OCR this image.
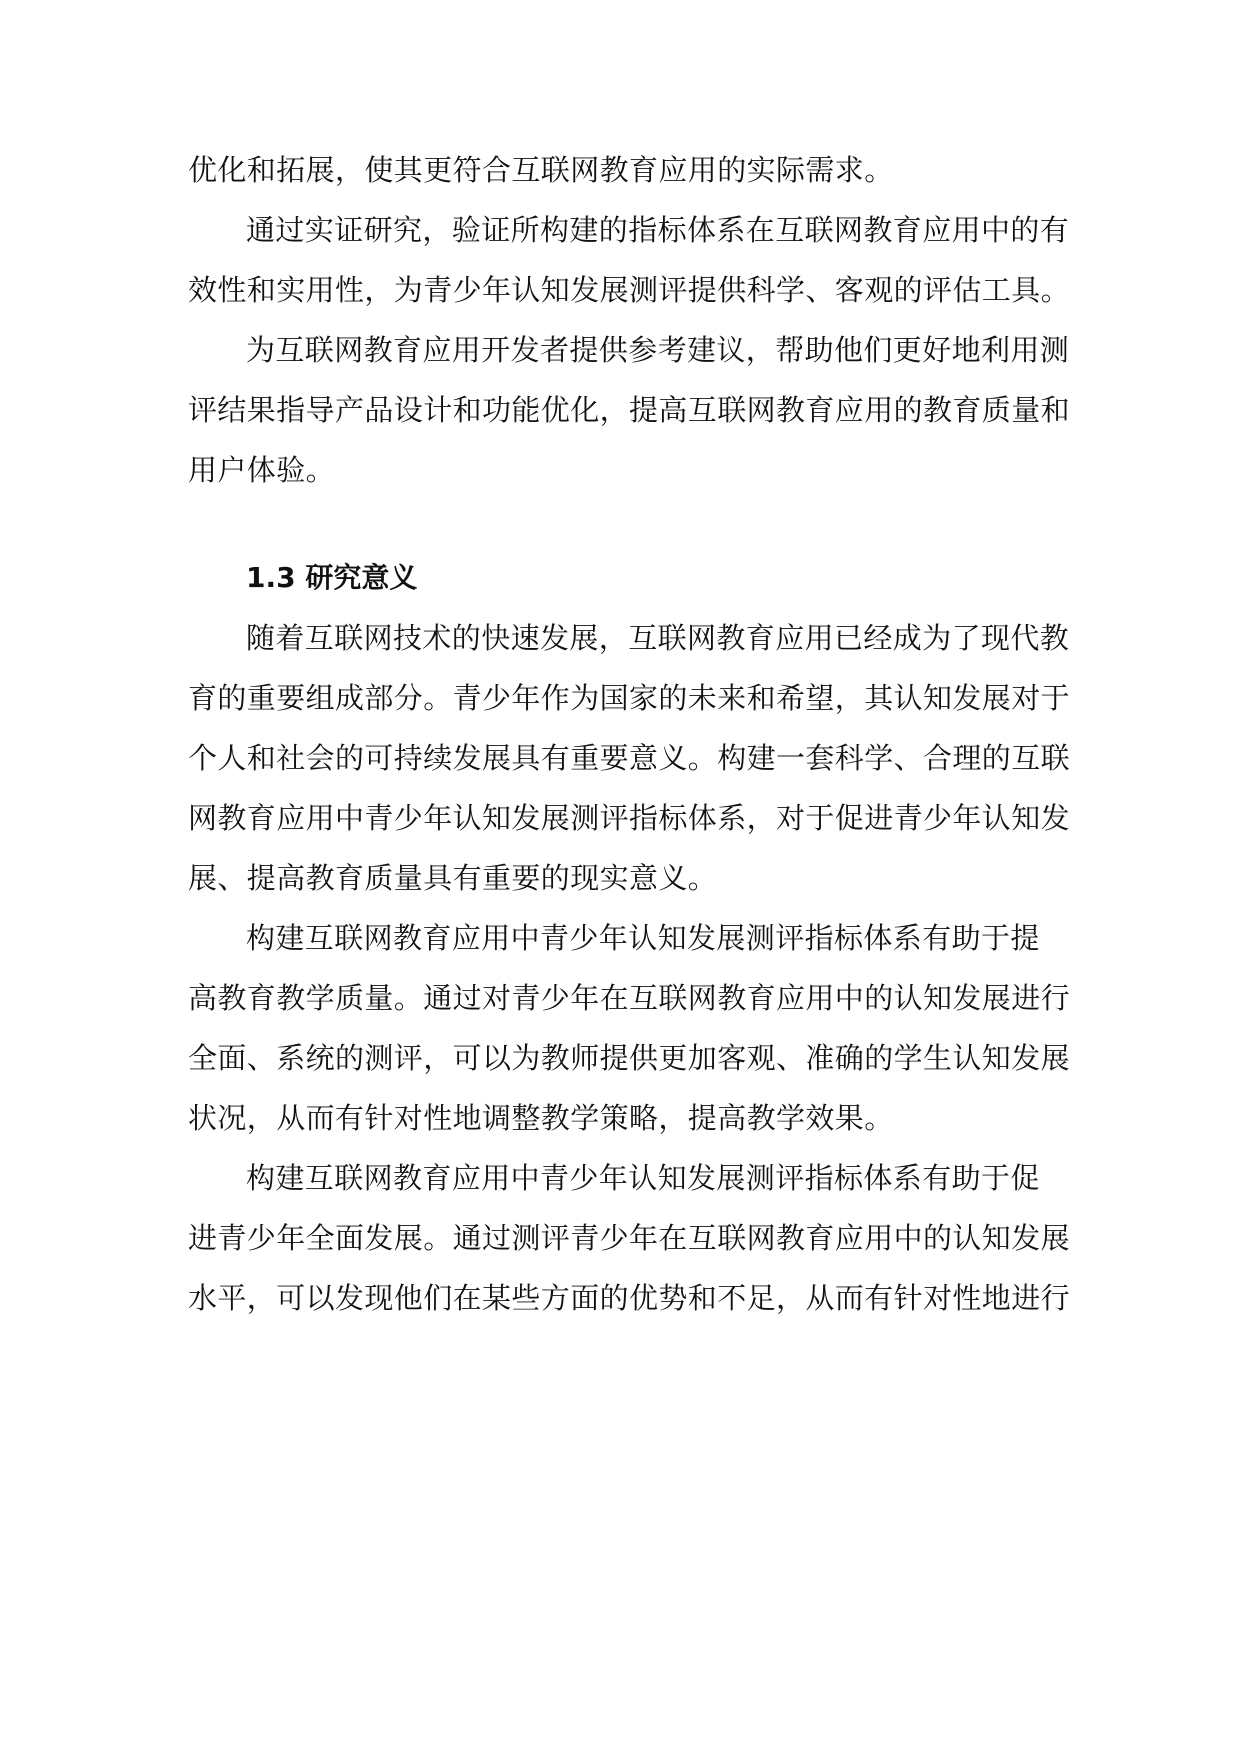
优化和拓展，使其更符合互联网教育应用的实际需求。
通过实证研究，验证所构建的指标体系在互联网教育应用中的有
效性和实用性，为青少年认知发展测评提供科学、客观的评估工具。
为互联网教育应用开发者提供参考建议，帮助他们更好地利用测
评结果指导产品设计和功能优化，提高互联网教育应用的教育质量和
用户体验。
1.3 研究意义
随着互联网技术的快速发展，互联网教育应用已经成为了现代教
育的重要组成部分。青少年作为国家的未来和希望，其认知发展对于
个人和社会的可持续发展具有重要意义。构建一套科学、合理的互联
网教育应用中青少年认知发展测评指标体系，对于促进青少年认知发
展、提高教育质量具有重要的现实意义。
构建互联网教育应用中青少年认知发展测评指标体系有助于提
高教育教学质量。通过对青少年在互联网教育应用中的认知发展进行
全面、系统的测评，可以为教师提供更加客观、准确的学生认知发展
状况，从而有针对性地调整教学策略，提高教学效果。
构建互联网教育应用中青少年认知发展测评指标体系有助于促
进青少年全面发展。通过测评青少年在互联网教育应用中的认知发展
水平，可以发现他们在某些方面的优势和不足，从而有针对性地进行
